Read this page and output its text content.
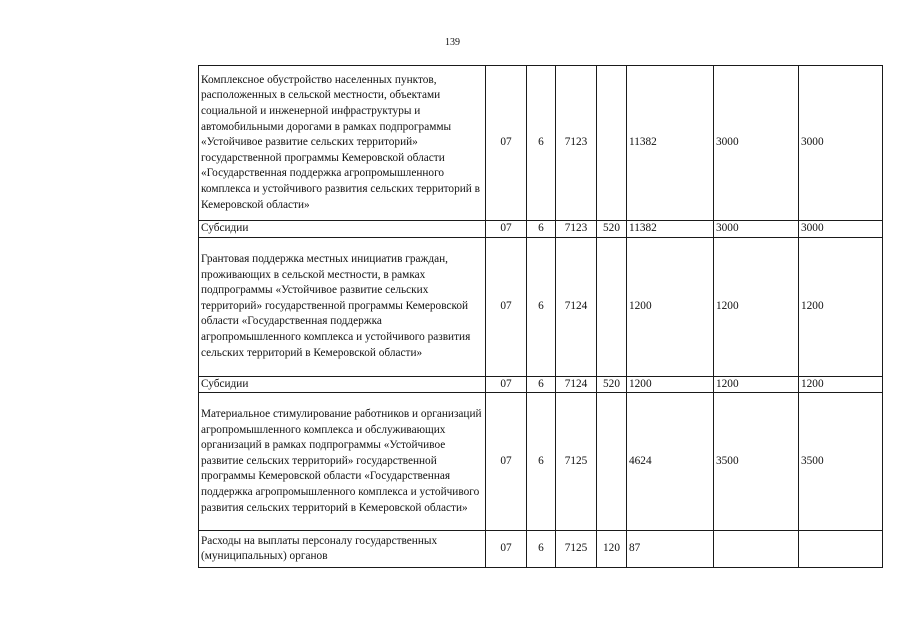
139
Комплексное обустройство населенных пунктов, расположенных в сельской местности, объектами социальной и инженерной инфраструктуры и автомобильными дорогами в рамках подпрограммы «Устойчивое развитие сельских территорий» государственной программы Кемеровской области «Государственная поддержка агропромышленного комплекса и устойчивого развития сельских территорий в Кемеровской области»	07	6	7123		11382	3000	3000
Субсидии	07	6	7123	520	11382	3000	3000
Грантовая поддержка местных инициатив граждан, проживающих в сельской местности, в рамках подпрограммы «Устойчивое развитие сельских территорий» государственной программы Кемеровской области «Государственная поддержка агропромышленного комплекса и устойчивого развития сельских территорий в Кемеровской области»	07	6	7124		1200	1200	1200
Субсидии	07	6	7124	520	1200	1200	1200
Материальное стимулирование работников и организаций агропромышленного комплекса и обслуживающих организаций в рамках подпрограммы «Устойчивое развитие сельских территорий» государственной программы Кемеровской области «Государственная поддержка агропромышленного комплекса и устойчивого развития сельских территорий в Кемеровской области»	07	6	7125		4624	3500	3500
Расходы на выплаты персоналу государственных (муниципальных) органов	07	6	7125	120	87		
